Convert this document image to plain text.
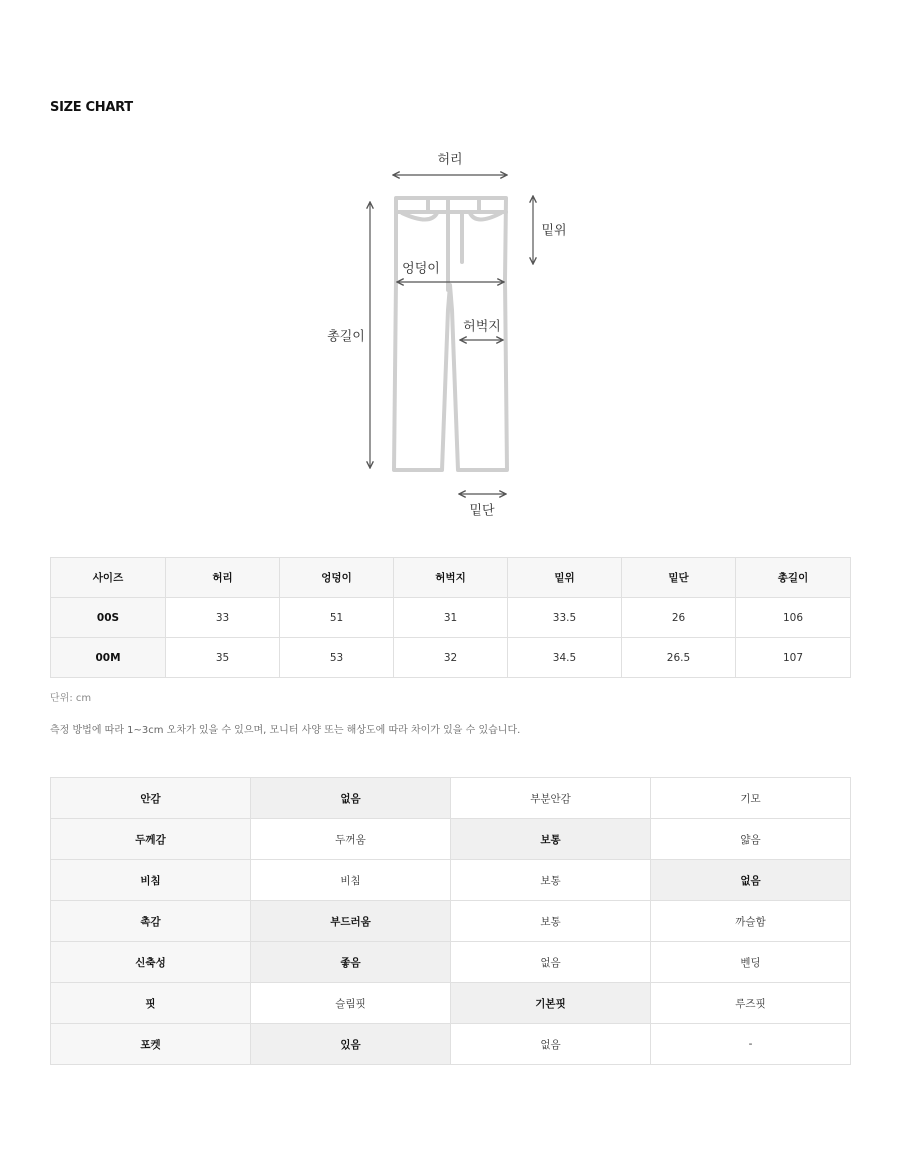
SIZE CHART
허리
밑위
엉덩이
총길이
허벅지
밑단
사이즈	허리	엉덩이	허벅지	밑위	밑단	총길이
00S	33	51	31	33.5	26	106
00M	35	53	32	34.5	26.5	107
단위: cm
측정 방법에 따라 1~3cm 오차가 있을 수 있으며, 모니터 사양 또는 해상도에 따라 차이가 있을 수 있습니다.
안감	없음	부분안감	기모
두께감	두꺼움	보통	얇음
비침	비침	보통	없음
촉감	부드러움	보통	까슬함
신축성	좋음	없음	벤딩
핏	슬림핏	기본핏	루즈핏
포켓	있음	없음	-
